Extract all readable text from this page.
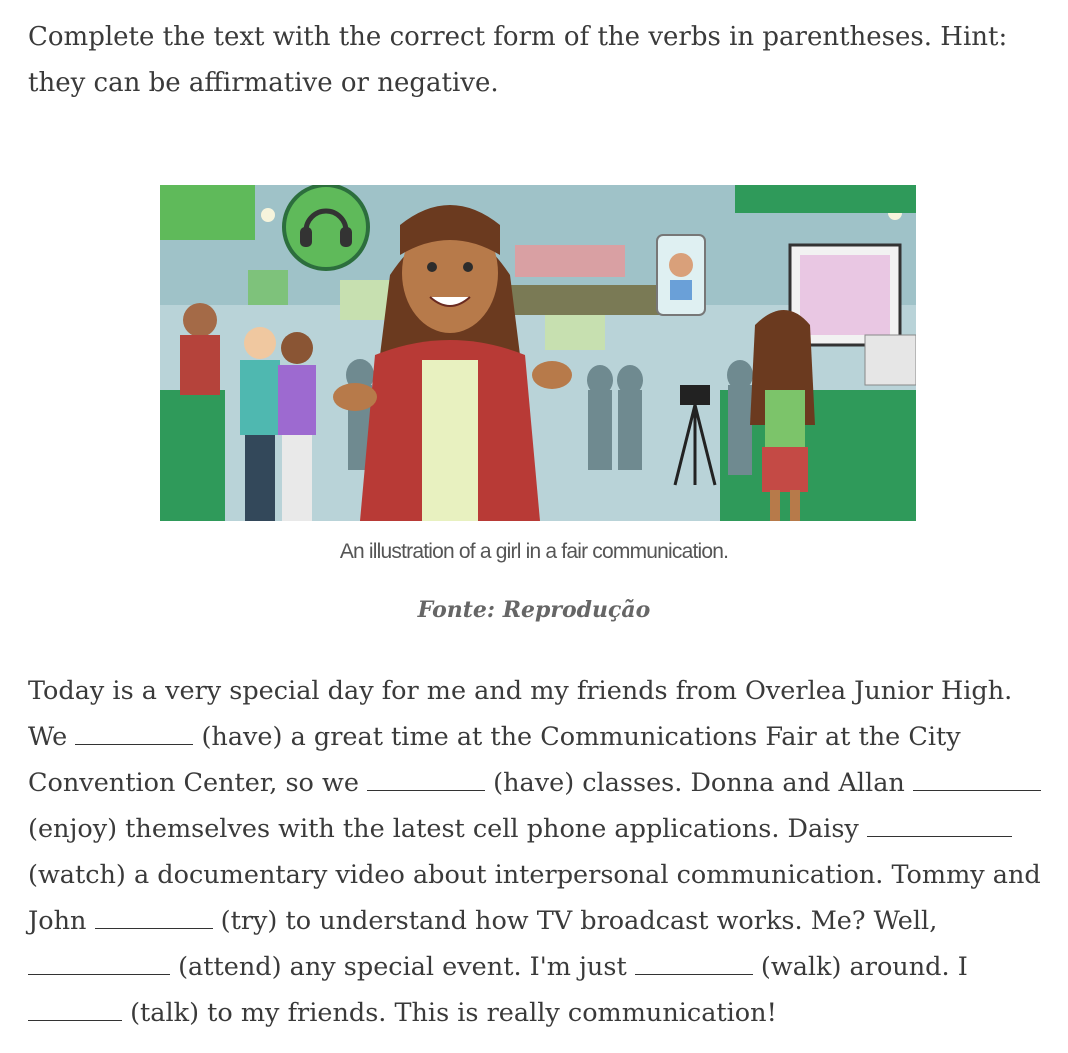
Complete the text with the correct form of the verbs in parentheses. Hint: they can be affirmative or negative.

An illustration of a girl in a fair communication.
Fonte: Reprodução

Today is a very special day for me and my friends from Overlea Junior High. We	(have) a great time at the Communications Fair at the City Convention Center, so we	(have) classes. Donna and Allan  (enjoy) themselves with the latest cell phone applications. Daisy  (watch) a documentary video about interpersonal communication. Tommy and John	(try) to understand how TV broadcast works. Me? Well,  (attend) any special event. I'm just	(walk) around. I  (talk) to my friends. This is really communication!
